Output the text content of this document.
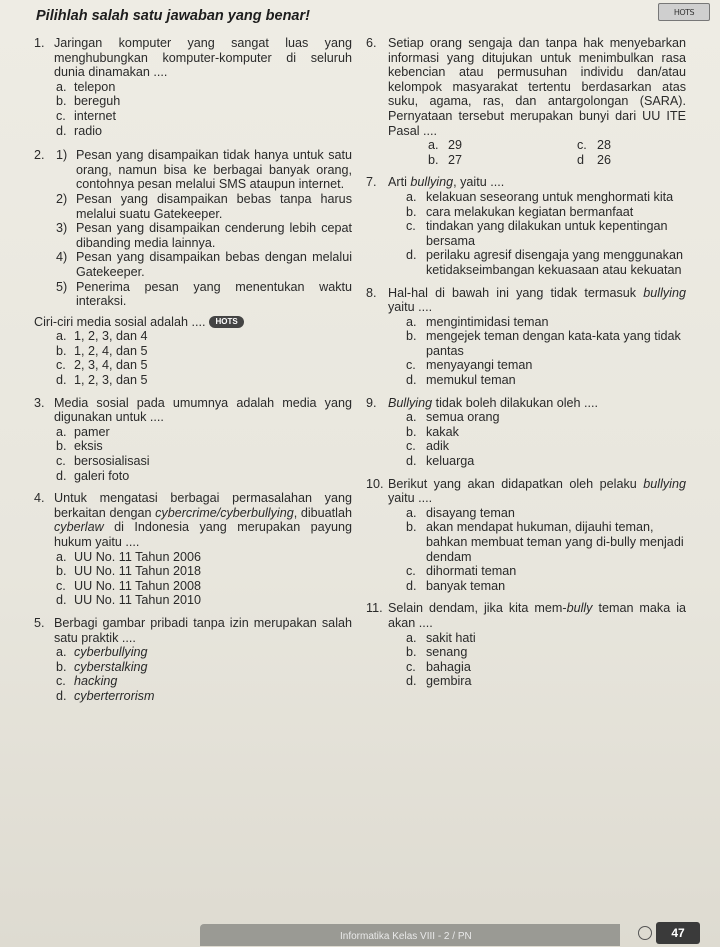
Pilihlah salah satu jawaban yang benar!	HOTS
1. Jaringan komputer yang sangat luas yang menghubungkan komputer-komputer di seluruh dunia dinamakan ....
a. telepon
b. bereguh
c. internet
d. radio
2. 1) Pesan yang disampaikan tidak hanya untuk satu orang, namun bisa ke berbagai banyak orang, contohnya pesan melalui SMS ataupun internet.
2) Pesan yang disampaikan bebas tanpa harus melalui suatu Gatekeeper.
3) Pesan yang disampaikan cenderung lebih cepat dibanding media lainnya.
4) Pesan yang disampaikan bebas dengan melalui Gatekeeper.
5) Penerima pesan yang menentukan waktu interaksi.
Ciri-ciri media sosial adalah .... HOTS
a. 1, 2, 3, dan 4
b. 1, 2, 4, dan 5
c. 2, 3, 4, dan 5
d. 1, 2, 3, dan 5
3. Media sosial pada umumnya adalah media yang digunakan untuk ....
a. pamer
b. eksis
c. bersosialisasi
d. galeri foto
4. Untuk mengatasi berbagai permasalahan yang berkaitan dengan cybercrime/cyberbullying, dibuatlah cyberlaw di Indonesia yang merupakan payung hukum yaitu ....
a. UU No. 11 Tahun 2006
b. UU No. 11 Tahun 2018
c. UU No. 11 Tahun 2008
d. UU No. 11 Tahun 2010
5. Berbagi gambar pribadi tanpa izin merupakan salah satu praktik ....
a. cyberbullying
b. cyberstalking
c. hacking
d. cyberterrorism
6. Setiap orang sengaja dan tanpa hak menyebarkan informasi yang ditujukan untuk menimbulkan rasa kebencian atau permusuhan individu dan/atau kelompok masyarakat tertentu berdasarkan atas suku, agama, ras, dan antargolongan (SARA). Pernyataan tersebut merupakan bunyi dari UU ITE Pasal ....
a. 29	c. 28
b. 27	d 26
7. Arti bullying, yaitu ....
a. kelakuan seseorang untuk menghormati kita
b. cara melakukan kegiatan bermanfaat
c. tindakan yang dilakukan untuk kepentingan bersama
d. perilaku agresif disengaja yang menggunakan ketidakseimbangan kekuasaan atau kekuatan
8. Hal-hal di bawah ini yang tidak termasuk bullying yaitu ....
a. mengintimidasi teman
b. mengejek teman dengan kata-kata yang tidak pantas
c. menyayangi teman
d. memukul teman
9. Bullying tidak boleh dilakukan oleh ....
a. semua orang
b. kakak
c. adik
d. keluarga
10. Berikut yang akan didapatkan oleh pelaku bullying yaitu ....
a. disayang teman
b. akan mendapat hukuman, dijauhi teman, bahkan membuat teman yang di-bully menjadi dendam
c. dihormati teman
d. banyak teman
11. Selain dendam, jika kita mem-bully teman maka ia akan ....
a. sakit hati
b. senang
c. bahagia
d. gembira
Informatika Kelas VIII - 2 / PN	47
